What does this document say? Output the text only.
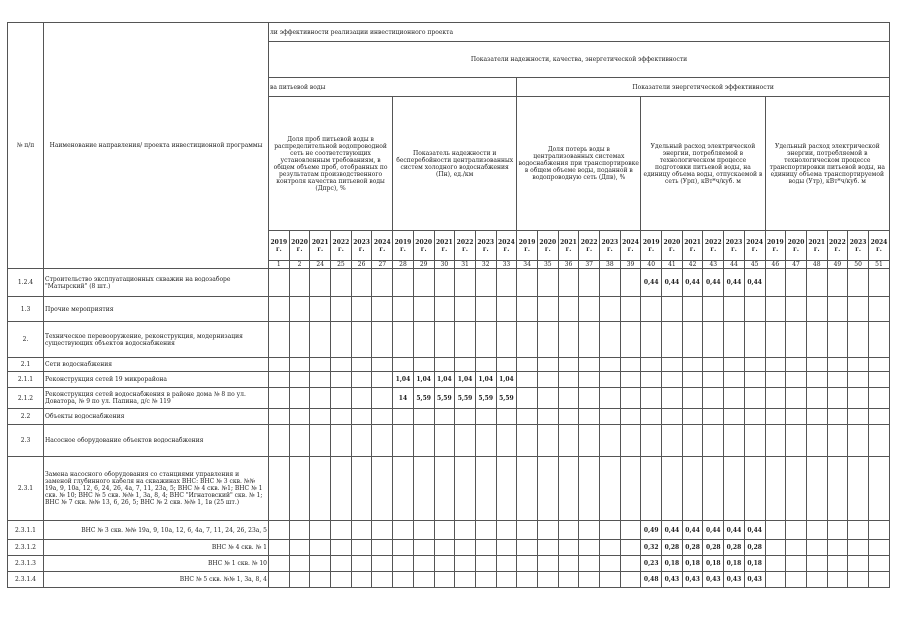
№ п/п	Наименование направления/ проекта инвестиционной программы	ли эффективности реализации инвестиционного проекта																														
		Показатели надежности, качества, энергетической эффективности																														
		ва питьевой воды												Показатели энергетической эффективности																		
		Доля проб питьевой воды в распределительной водопроводной сеть не соответствующих установленным требованиям, в общем объеме проб, отобранных по результатам производственного контроля качества питьевой воды (Дпрс), %						Показатель надежности и бесперебойности централизованных систем холодного водоснабжения (Пн), ед./км						Доля потерь воды в централизованных системах водоснабжения при транспортировке в общем объеме воды, поданной в водопроводную сеть (Дпв), %						Удельный расход электрической энергии, потребляемой в технологическом процессе подготовки питьевой воды, на единицу объема воды, отпускаемой в сеть (Урп), кВт*ч/куб. м						Удельный расход электрической энергии, потребляемой в технологическом процессе транспортировки питьевой воды, на единицу объема транспортируемой воды (Утр), кВт*ч/куб. м						
		2019 г.	2020 г.	2021 г.	2022 г.	2023 г.	2024 г.	2019 г.	2020 г.	2021 г.	2022 г.	2023 г.	2024 г.	2019 г.	2020 г.	2021 г.	2022 г.	2023 г.	2024 г.	2019 г.	2020 г.	2021 г.	2022 г.	2023 г.	2024 г.	2019 г.	2020 г.	2021 г.	2022 г.	2023 г.	2024 г.	
		1	2	24	25	26	27	28	29	30	31	32	33	34	35	36	37	38	39	40	41	42	43	44	45	46	47	48	49	50	51		
1.2.4	Строительство эксплуатационных скважин на водозаборе "Матырский" (8 шт.)																			0,44	0,44	0,44	0,44	0,44	0,44							
1.3	Прочие мероприятия																															
2.	Техническое перевооружение, реконструкция, модернизация существующих объектов водоснабжения																															
2.1	Сети водоснабжения																															
2.1.1	Реконструкция сетей 19 микрорайона							1,04	1,04	1,04	1,04	1,04	1,04																			
2.1.2	Реконструкция сетей водоснабжения в районе дома № 8 по ул. Доватора, № 9 по ул. Папина, д/с № 119							14	5,59	5,59	5,59	5,59	5,59																			
2.2	Объекты водоснабжения																															
2.3	Насосное оборудование объектов водоснабжения																															
2.3.1	Замена насосного оборудования со станциями управления и заменой глубинного кабеля на скважинах ВНС: ВНС № 3 скв. №№ 19а, 9, 10а, 12, 6, 24, 26, 4а, 7, 11, 23а, 5; ВНС № 4 скв. №1; ВНС № 1 скв. № 10; ВНС № 5 скв. №№ 1, 3а, 8, 4; ВНС "Игнатовский" скв. № 1; ВНС № 7 скв. №№ 13, 6, 26, 5; ВНС № 2 скв. №№ 1, 1в (25 шт.)																															
2.3.1.1	ВНС № 3 скв. №№ 19а, 9, 10а, 12, 6, 4а, 7, 11, 24, 26, 23а, 5																			0,49	0,44	0,44	0,44	0,44	0,44							
2.3.1.2	ВНС № 4 скв. № 1																			0,32	0,28	0,28	0,28	0,28	0,28							
2.3.1.3	ВНС № 1 скв. № 10																			0,23	0,18	0,18	0,18	0,18	0,18							
2.3.1.4	ВНС № 5 скв. №№ 1, 3а, 8, 4																			0,48	0,43	0,43	0,43	0,43	0,43							
